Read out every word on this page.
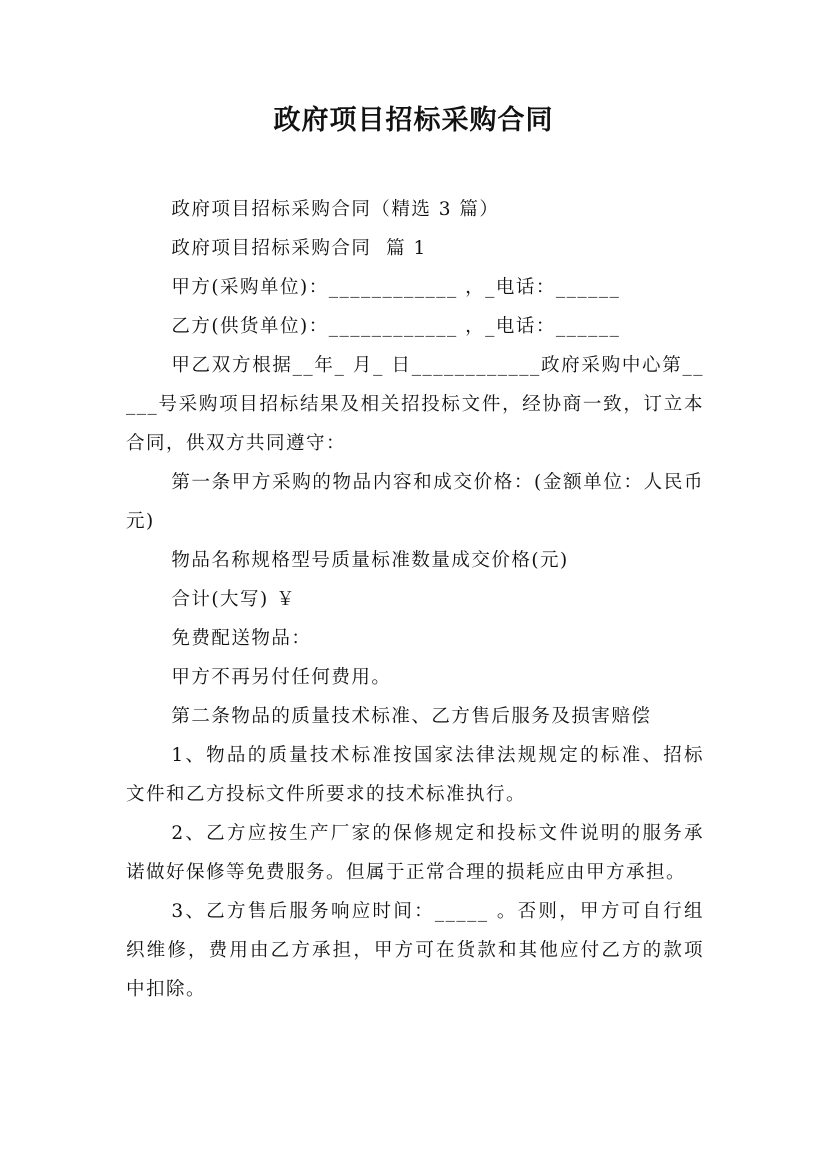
政府项目招标采购合同

政府项目招标采购合同（精选 3 篇）

政府项目招标采购合同  篇 1

甲方(采购单位)：____________ ，_电话：______

乙方(供货单位)：____________ ，_电话：______

甲乙双方根据__年_ 月_ 日____________政府采购中心第_____号采购项目招标结果及相关招投标文件，经协商一致，订立本合同，供双方共同遵守：

第一条甲方采购的物品内容和成交价格：(金额单位：人民币元)

物品名称规格型号质量标准数量成交价格(元)

合计(大写) ￥

免费配送物品：

甲方不再另付任何费用。

第二条物品的质量技术标准、乙方售后服务及损害赔偿

1、物品的质量技术标准按国家法律法规规定的标准、招标文件和乙方投标文件所要求的技术标准执行。

2、乙方应按生产厂家的保修规定和投标文件说明的服务承诺做好保修等免费服务。但属于正常合理的损耗应由甲方承担。

3、乙方售后服务响应时间：_____ 。否则，甲方可自行组织维修，费用由乙方承担，甲方可在货款和其他应付乙方的款项中扣除。
